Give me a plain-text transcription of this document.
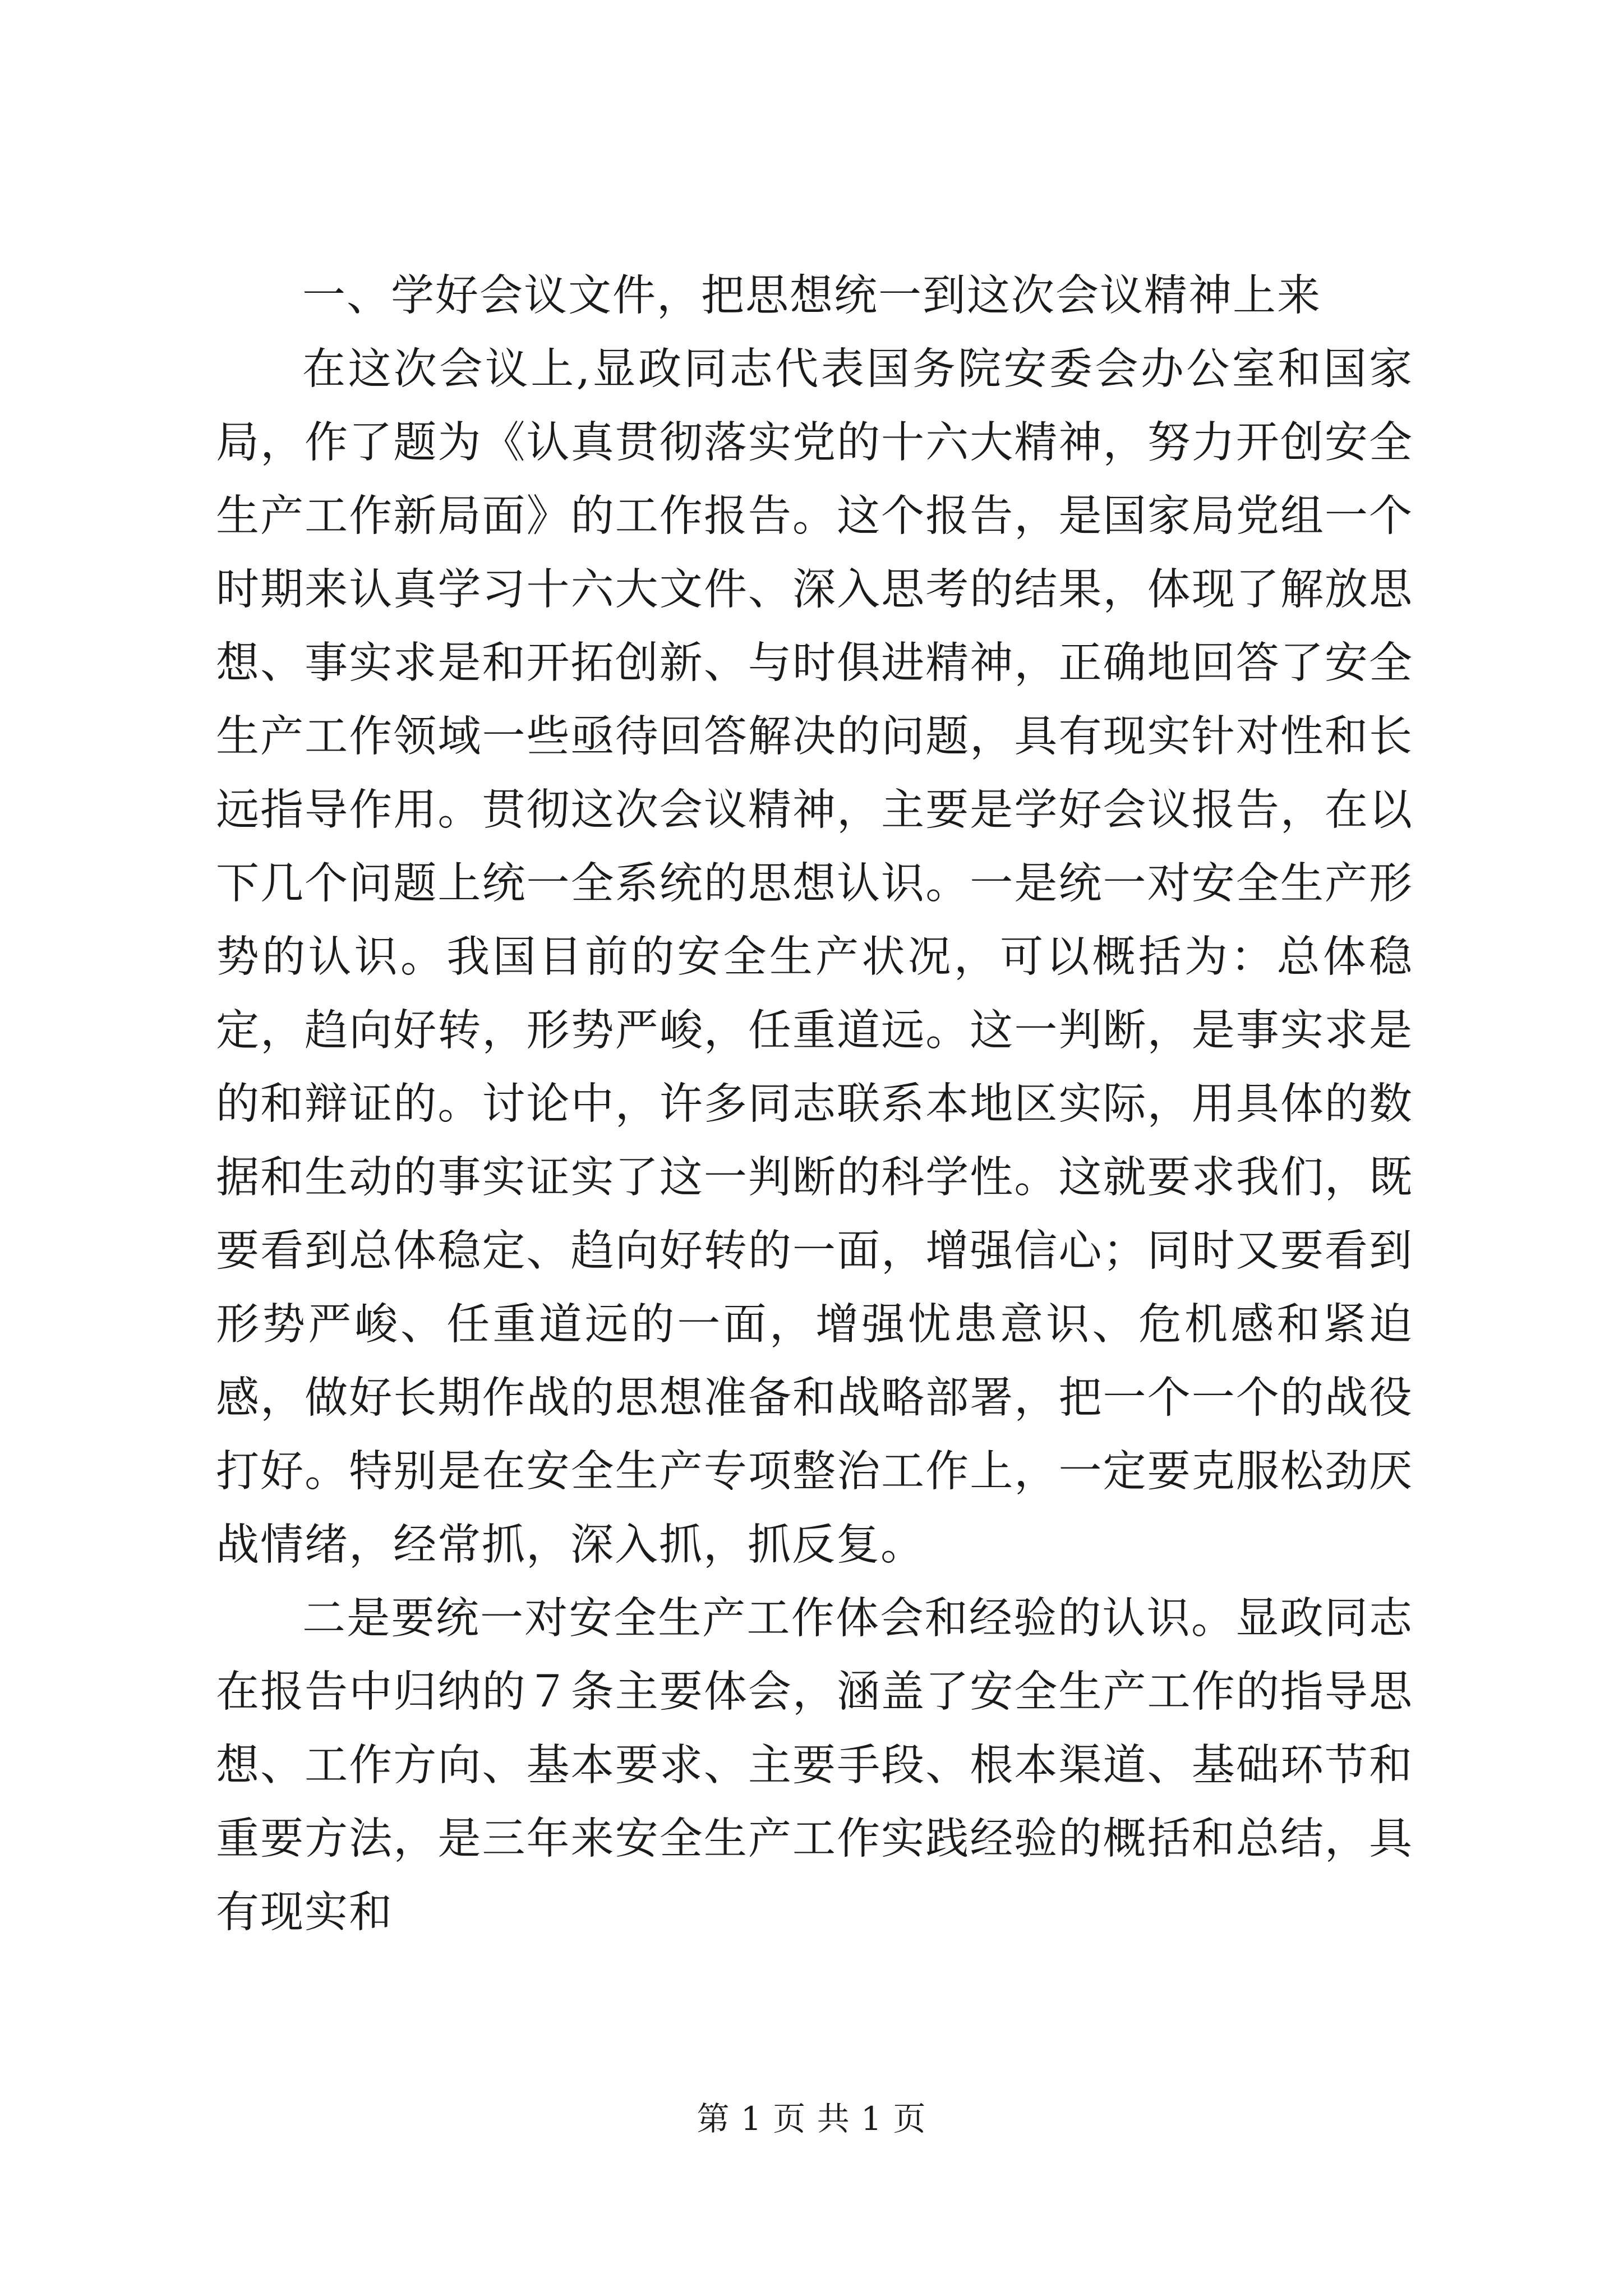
一、学好会议文件，把思想统一到这次会议精神上来

在这次会议上,显政同志代表国务院安委会办公室和国家局，作了题为《认真贯彻落实党的十六大精神，努力开创安全生产工作新局面》的工作报告。这个报告，是国家局党组一个时期来认真学习十六大文件、深入思考的结果，体现了解放思想、事实求是和开拓创新、与时俱进精神，正确地回答了安全生产工作领域一些亟待回答解决的问题，具有现实针对性和长远指导作用。贯彻这次会议精神，主要是学好会议报告，在以下几个问题上统一全系统的思想认识。一是统一对安全生产形势的认识。我国目前的安全生产状况，可以概括为：总体稳定，趋向好转，形势严峻，任重道远。这一判断，是事实求是的和辩证的。讨论中，许多同志联系本地区实际，用具体的数据和生动的事实证实了这一判断的科学性。这就要求我们，既要看到总体稳定、趋向好转的一面，增强信心；同时又要看到形势严峻、任重道远的一面，增强忧患意识、危机感和紧迫感，做好长期作战的思想准备和战略部署，把一个一个的战役打好。特别是在安全生产专项整治工作上，一定要克服松劲厌战情绪，经常抓，深入抓，抓反复。

二是要统一对安全生产工作体会和经验的认识。显政同志在报告中归纳的７条主要体会，涵盖了安全生产工作的指导思想、工作方向、基本要求、主要手段、根本渠道、基础环节和重要方法，是三年来安全生产工作实践经验的概括和总结，具有现实和

第 1 页 共 1 页
